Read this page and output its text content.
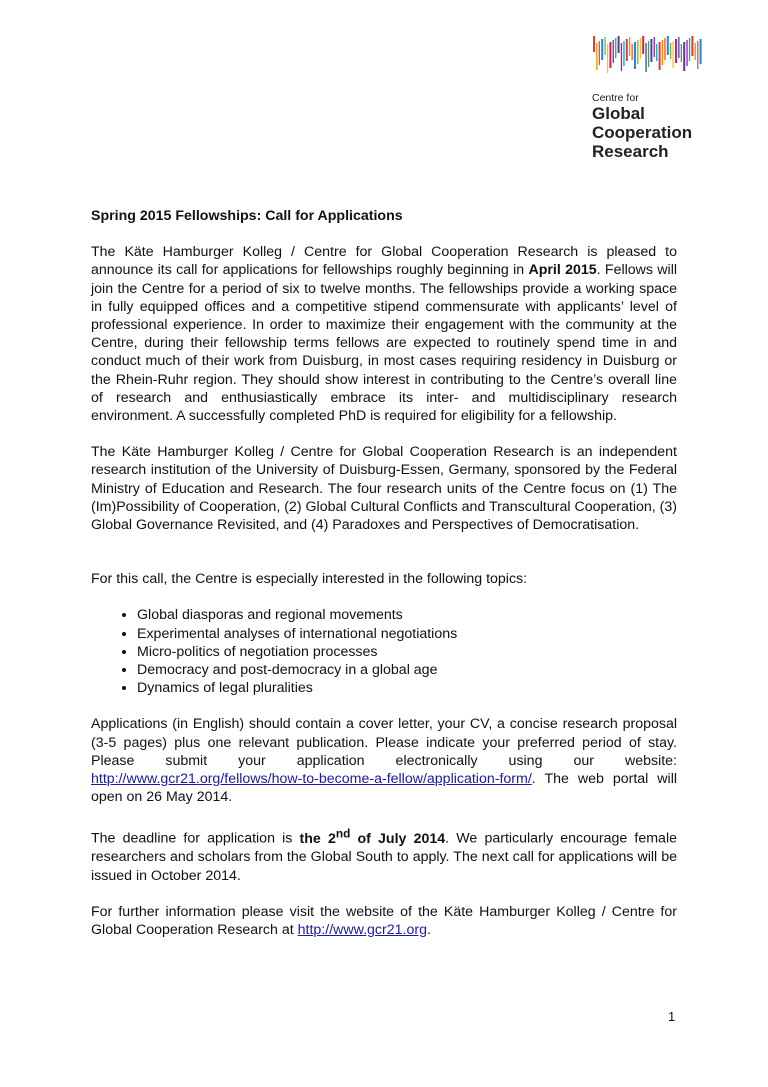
Centre for
Global
Cooperation
Research
Spring 2015 Fellowships: Call for Applications

The Käte Hamburger Kolleg / Centre for Global Cooperation Research is pleased to announce its call for applications for fellowships roughly beginning in April 2015. Fellows will join the Centre for a period of six to twelve months. The fellowships provide a working space in fully equipped offices and a competitive stipend commensurate with applicants’ level of professional experience. In order to maximize their engagement with the community at the Centre, during their fellowship terms fellows are expected to routinely spend time in and conduct much of their work from Duisburg, in most cases requiring residency in Duisburg or the Rhein-Ruhr region. They should show interest in contributing to the Centre’s overall line of research and enthusiastically embrace its inter- and multidisciplinary research environment. A successfully completed PhD is required for eligibility for a fellowship.

The Käte Hamburger Kolleg / Centre for Global Cooperation Research is an independent research institution of the University of Duisburg-Essen, Germany, sponsored by the Federal Ministry of Education and Research. The four research units of the Centre focus on (1) The (Im)Possibility of Cooperation, (2) Global Cultural Conflicts and Transcultural Cooperation, (3) Global Governance Revisited, and (4) Paradoxes and Perspectives of Democratisation.

For this call, the Centre is especially interested in the following topics:

• Global diasporas and regional movements
• Experimental analyses of international negotiations
• Micro-politics of negotiation processes
• Democracy and post-democracy in a global age
• Dynamics of legal pluralities

Applications (in English) should contain a cover letter, your CV, a concise research proposal (3-5 pages) plus one relevant publication. Please indicate your preferred period of stay. Please submit your application electronically using our website: http://www.gcr21.org/fellows/how-to-become-a-fellow/application-form/. The web portal will open on 26 May 2014.

The deadline for application is the 2nd of July 2014. We particularly encourage female researchers and scholars from the Global South to apply. The next call for applications will be issued in October 2014.

For further information please visit the website of the Käte Hamburger Kolleg / Centre for Global Cooperation Research at http://www.gcr21.org.

1
